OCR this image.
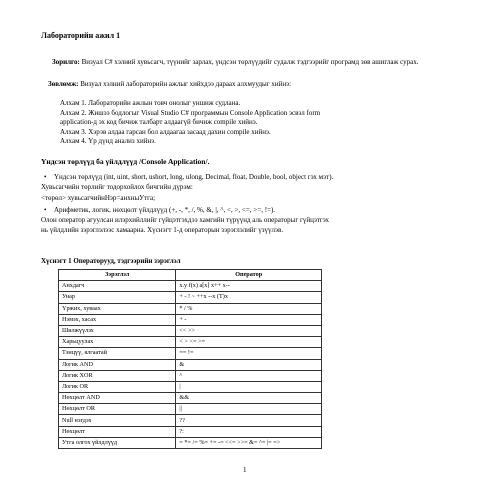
Лабораторийн ажил 1
Зорилго: Визуал C# хэлний хувьсагч, түүнийг зарлах, үндсэн төрлүүдийг судалж тэдгээрийг програмд зөв ашиглаж сурах.
Зөвлөмж: Визуал хэлний лабораторийн ажлыг хийхдээ дараах алхмуудыг хийнэ:
Алхам 1. Лабораторийн ажлын товч онолыг уншиж судлана.
Алхам 2. Жишээ бодлогыг Visual Studio C# программын Console Application эсвэл form
application-д эх код бичиж талбарт алдаагүй бичиж compile хийнэ.
Алхам 3. Хэрэв алдаа гарсан бол алдаагаа засаад дахин compile хийнэ.
Алхам 4. Үр дүнд анализ хийнэ.
Үндсэн төрлүүд ба үйлдлүүд /Console Application/.
• Үндсэн төрлүүд (int, uint, short, ushort, long, ulong, Decimal, float, Double, bool, object гэх мэт).
Хувьсагчийн төрлийг тодорхойлох бичгийн дүрэм:
<төрөл> хувьсагчийнНэр=анхныУтга;
• Арифметик, логик, нөхцөлт үйлдлүүд (+, -, *, /, %, &, |, ^, <, >, <=, >=, !=).
Олон оператор агуулсан илэрхийллийг гүйцэтгэхдээ хамгийн түрүүнд аль операторыг гүйцэтгэх
нь үйлдлийн зэрэглэлээс хамаарна. Хүснэгт 1-д операторын зэрэглэлийг үзүүлэв.
Хүснэгт 1 Операторууд, тэдгээрийн зэрэглэл
Зэрэглэл	Оператор
Анхдагч	x.y f(x) a[x] x++ x--
Унар	+ - ! ~ ++x --x (T)x
Үржих, хуваах	* / %
Нэмэх, хасах	+ -
Шилжүүлэх	<< >>
Харьцуулах	< > <= >=
Тэнцүү, ялгаатай	== !=
Логик AND	&
Логик XOR	^
Логик OR	|
Нөхцөлт AND	&&
Нөхцөлт OR	||
Null нэгдэх	??
Нөхцөлт	?:
Утга олгох үйлдлүүд	= *= /= %= += -= <<= >>= &= ^= |= =>
1
